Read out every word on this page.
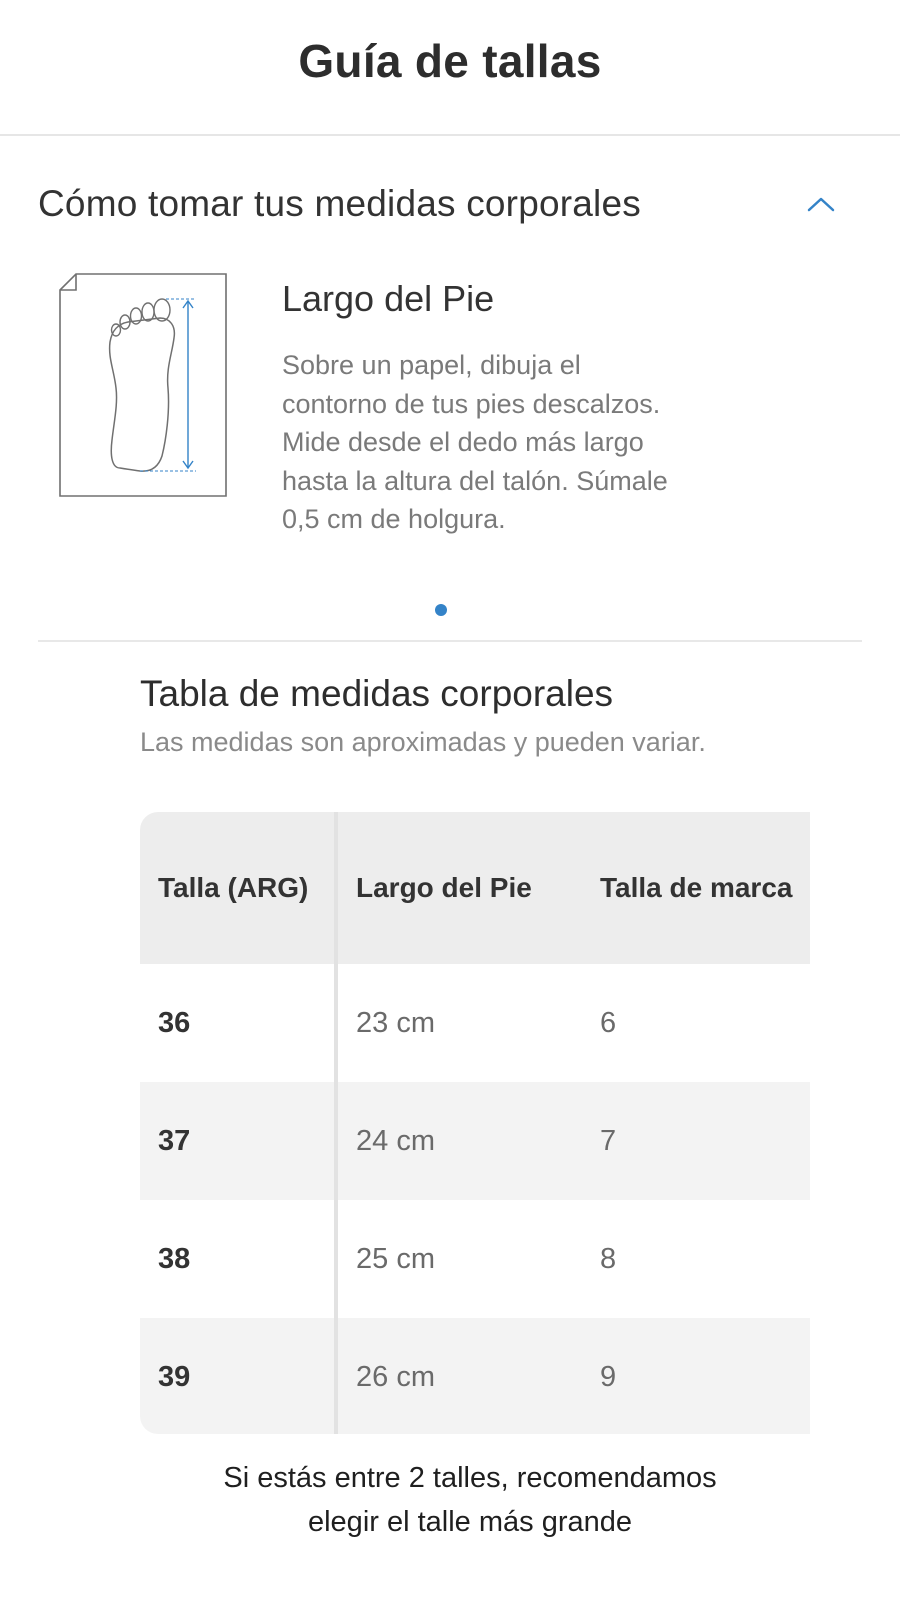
Guía de tallas
Cómo tomar tus medidas corporales
Largo del Pie

Sobre un papel, dibuja el contorno de tus pies descalzos. Mide desde el dedo más largo hasta la altura del talón. Súmale 0,5 cm de holgura.

Tabla de medidas corporales

Las medidas son aproximadas y pueden variar.

Talla (ARG)	Largo del Pie	Talla de marca	
36	23 cm	6	
37	24 cm	7	
38	25 cm	8	
39	26 cm	9	
Si estás entre 2 talles, recomendamos
elegir el talle más grande
